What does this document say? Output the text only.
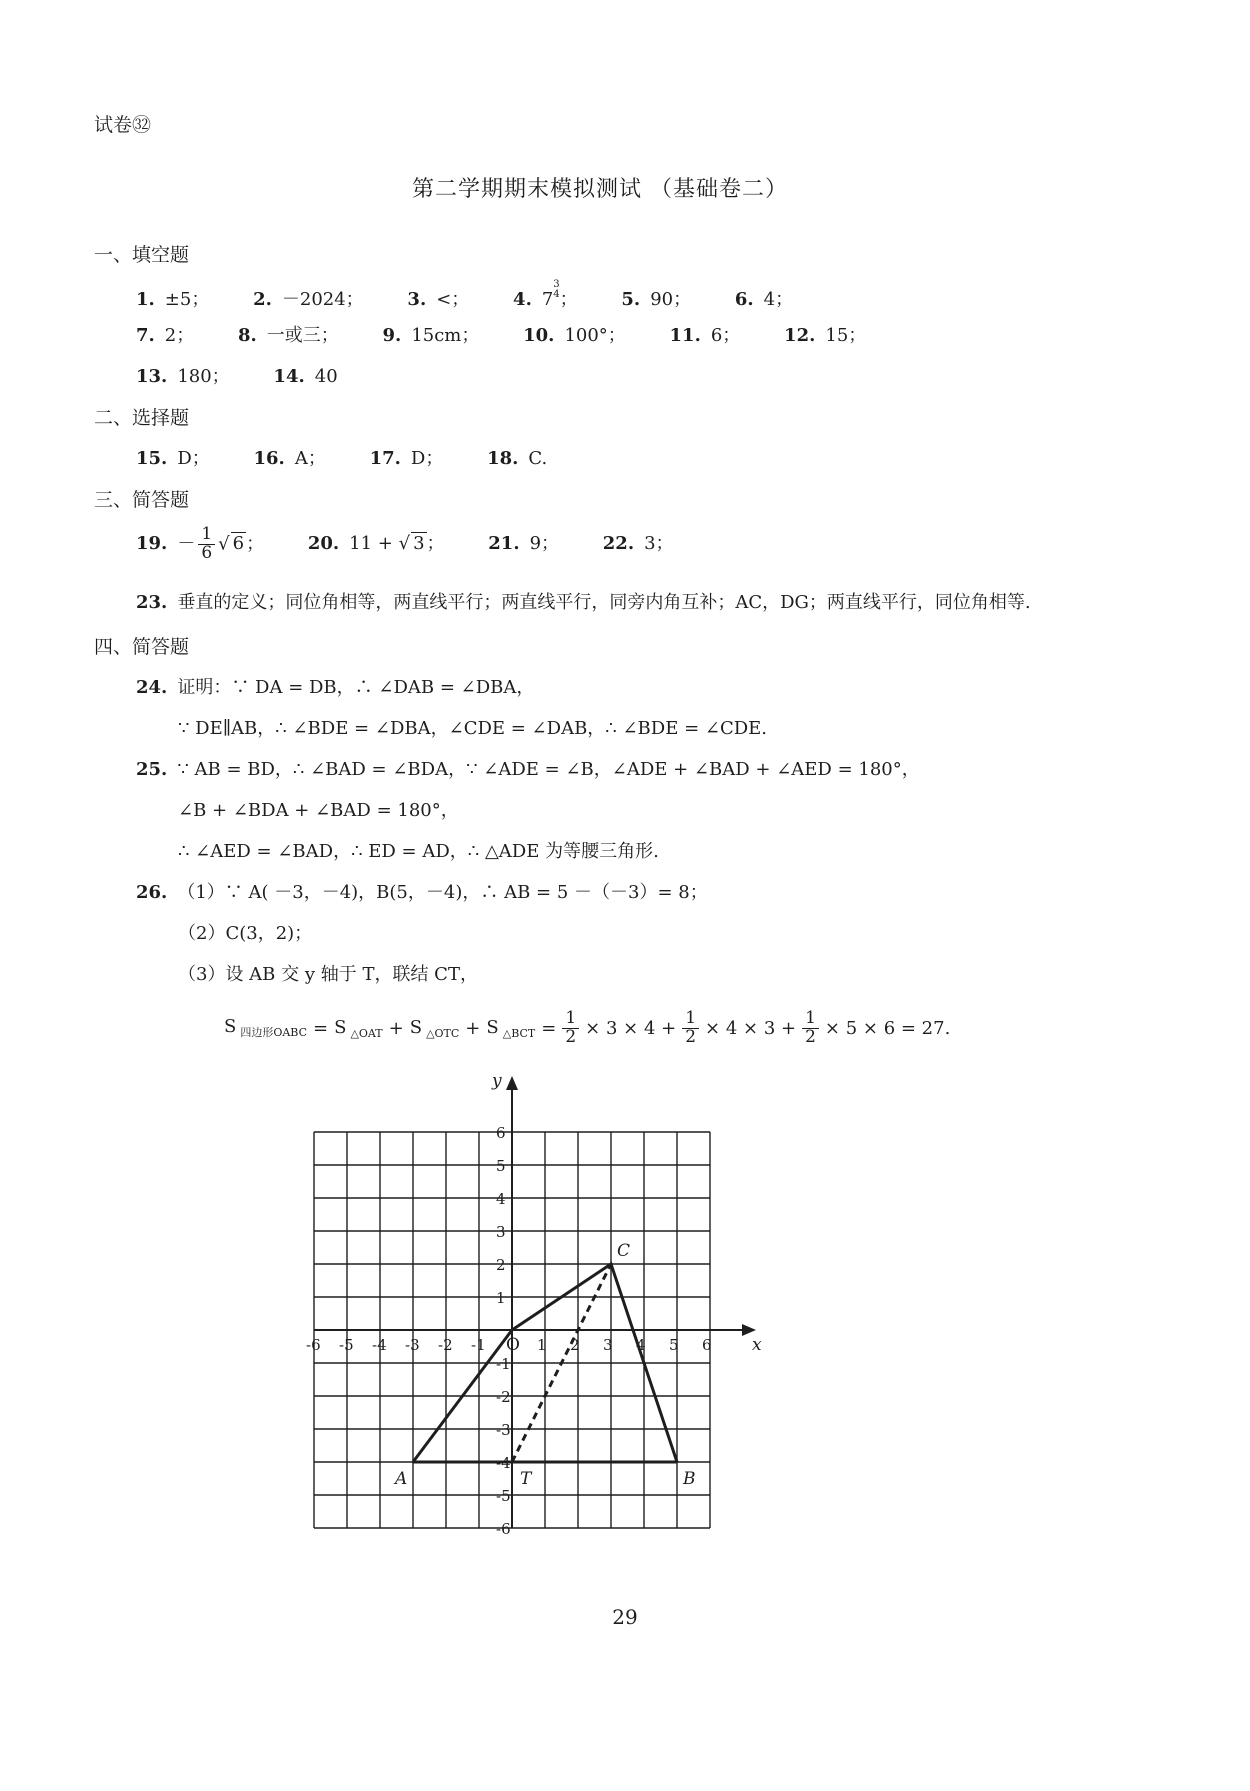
试卷㉜
第二学期期末模拟测试 （基础卷二）
一、填空题
1. ±5； 2. －2024； 3. <； 4. 7
3
4 ； 5. 90； 6. 4；
7. 2； 8. 一或三； 9. 15cm； 10. 100°； 11. 6； 12. 15；
13. 180； 14. 40
二、选择题
15. D； 16. A； 17. D； 18. C.
三、简答题
19. － $\frac{1}{6}$ √ 6 ； 20. 11 + √ 3 ； 21. 9； 22. 3；
23. 垂直的定义；同位角相等，两直线平行；两直线平行，同旁内角互补；AC，DG；两直线平行，同位角相等.
四、简答题
24. 证明：∵ DA = DB，∴ ∠DAB = ∠DBA，
∵ DE∥AB，∴ ∠BDE = ∠DBA，∠CDE = ∠DAB，∴ ∠BDE = ∠CDE.
25. ∵ AB = BD，∴ ∠BAD = ∠BDA，∵ ∠ADE = ∠B，∠ADE + ∠BAD + ∠AED = 180°，
∠B + ∠BDA + ∠BAD = 180°，
∴ ∠AED = ∠BAD，∴ ED = AD，∴ △ADE 为等腰三角形.
26. （1）∵ A( －3，－4)，B(5，－4)，∴ AB = 5 －（－3）= 8；
（2）C(3，2)；
（3）设 AB 交 y 轴于 T，联结 CT，
S $_{四边形OABC}$ = S $_{\triangle OAT}$ + S $_{\triangle OTC}$ + S $_{\triangle BCT} = \frac{1}{2} \times 3 \times 4 + \frac{1}{2} \times 4 \times 3 + \frac{1}{2} \times 5 \times 6 = 27$.
x
y
O
-6 -5 -4 -3 -2 -1	1 2 3 4 5 6
6
5
4
3
2
1
-1
-2
-3
-4
-5
-6
A	B
C
T
29
